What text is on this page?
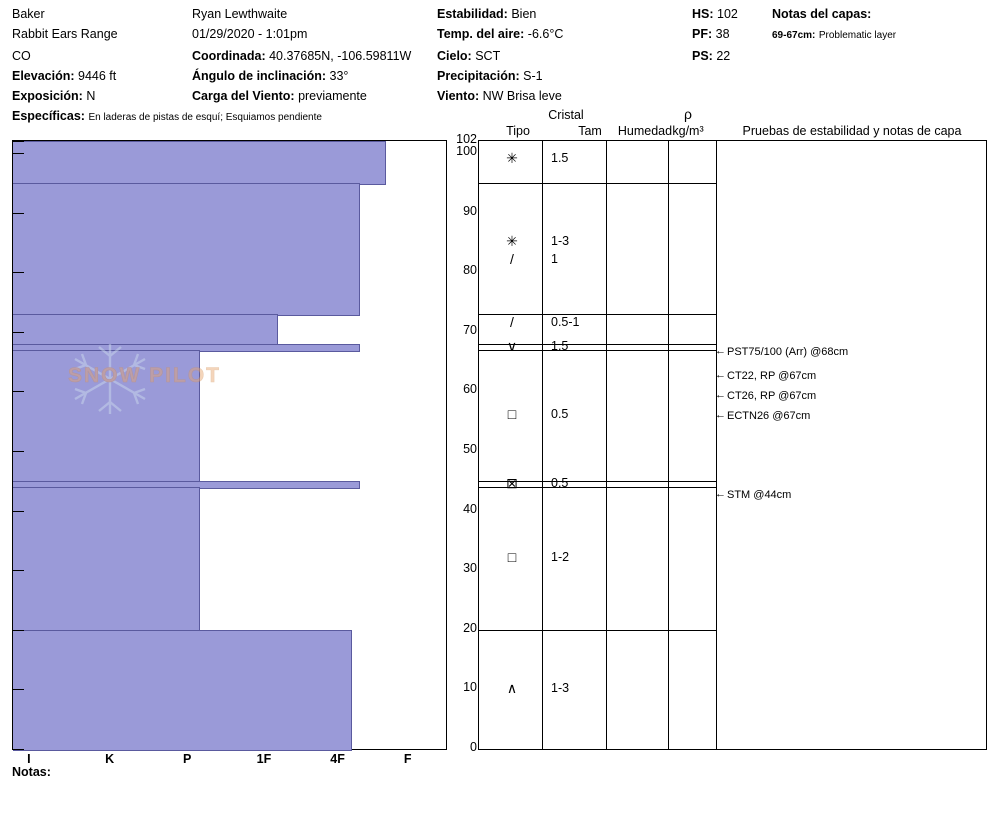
Baker	Ryan Lewthwaite	Estabilidad: Bien	HS: 102	Notas del capas:
Rabbit Ears Range	01/29/2020 - 1:01pm	Temp. del aire: -6.6°C	PF: 38	69-67cm: Problematic layer
CO	Coordinada: 40.37685N, -106.59811W	Cielo: SCT	PS: 22
Elevación: 9446 ft	Ángulo de inclinación: 33°	Precipitación: S-1
Exposición: N	Carga del Viento: previamente	Viento: NW Brisa leve
Específicas: En laderas de pistas de esquí; Esquiamos pendiente	Cristal
Tipo	Tam	Humedad
ρ
kg/m³	Pruebas de estabilidad y notas de capa
SNOW PILOT
I	K	P	1F	4F	F
102
100
90
80
70
60
50
40
30
20
10
0
✳	1.5
✳	1-3
/	1
/	0.5-1
∨	1.5
□	0.5
⊠	0.5
□	1-2
∧	1-3
PST75/100 (Arr) @68cm
←
CT22, RP @67cm
←
CT26, RP @67cm
←
ECTN26 @67cm
←
STM @44cm
←
Notas:
